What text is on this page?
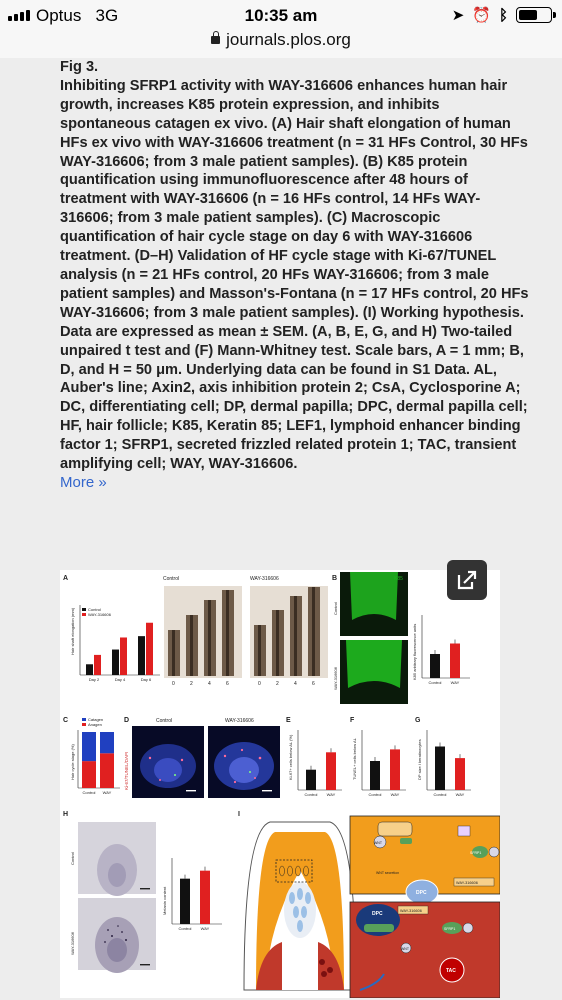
Optus   3G	10:35 am	➤ ⏰ ᛒ
journals.plos.org
Fig 3.
Inhibiting SFRP1 activity with WAY-316606 enhances human hair growth, increases K85 protein expression, and inhibits spontaneous catagen ex vivo. (A) Hair shaft elongation of human HFs ex vivo with WAY-316606 treatment (n = 31 HFs Control, 30 HFs WAY-316606; from 3 male patient samples). (B) K85 protein quantification using immunofluorescence after 48 hours of treatment with WAY-316606 (n = 16 HFs control, 14 HFs WAY-316606; from 3 male patient samples). (C) Macroscopic quantification of hair cycle stage on day 6 with WAY-316606 treatment. (D–H) Validation of HF cycle stage with Ki-67/TUNEL analysis (n = 21 HFs control, 20 HFs WAY-316606; from 3 male patient samples) and Masson's-Fontana (n = 17 HFs control, 20 HFs WAY-316606; from 3 male patient samples). (I) Working hypothesis. Data are expressed as mean ± SEM. (A, B, E, G, and H) Two-tailed unpaired t test and (F) Mann-Whitney test. Scale bars, A = 1 mm; B, D, and H = 50 μm. Underlying data can be found in S1 Data. AL, Auber's line; Axin2, axis inhibition protein 2; CsA, Cyclosporine A; DC, differentiating cell; DP, dermal papilla; DPC, dermal papilla cell; HF, hair follicle; K85, Keratin 85; LEF1, lymphoid enhancer binding factor 1; SFRP1, secreted frizzled related protein 1; TAC, transient amplifying cell; WAY, WAY-316606.
More »
A	Control	WAY-316606
Hair shaft elongation (mm)	Control
WAY-316606
Day 2	Day 4	Day 6
0	2	4	6	0	2	4	6
B	K85
Control
WAY-316606	K85 arbitrary fluorescence units
Control WAY
C	Catagen
Anagen
Hair cycle stage (%)
Control WAY
D	Control	WAY-316606
Ki-67/TUNEL/DAPI
E
Ki-67+ cells below AL (%)
Control WAY
F
TUNEL+ cells below AL
Control WAY
G
DP size / keratinocytes
Control WAY
H
Control
WAY-316606
Melanin content
Control WAY
I
DPC
WNT
SFRP1
WAY-316606
WNT secretion
DPC	WAY-316606
SFRP1
WNT
TAC
